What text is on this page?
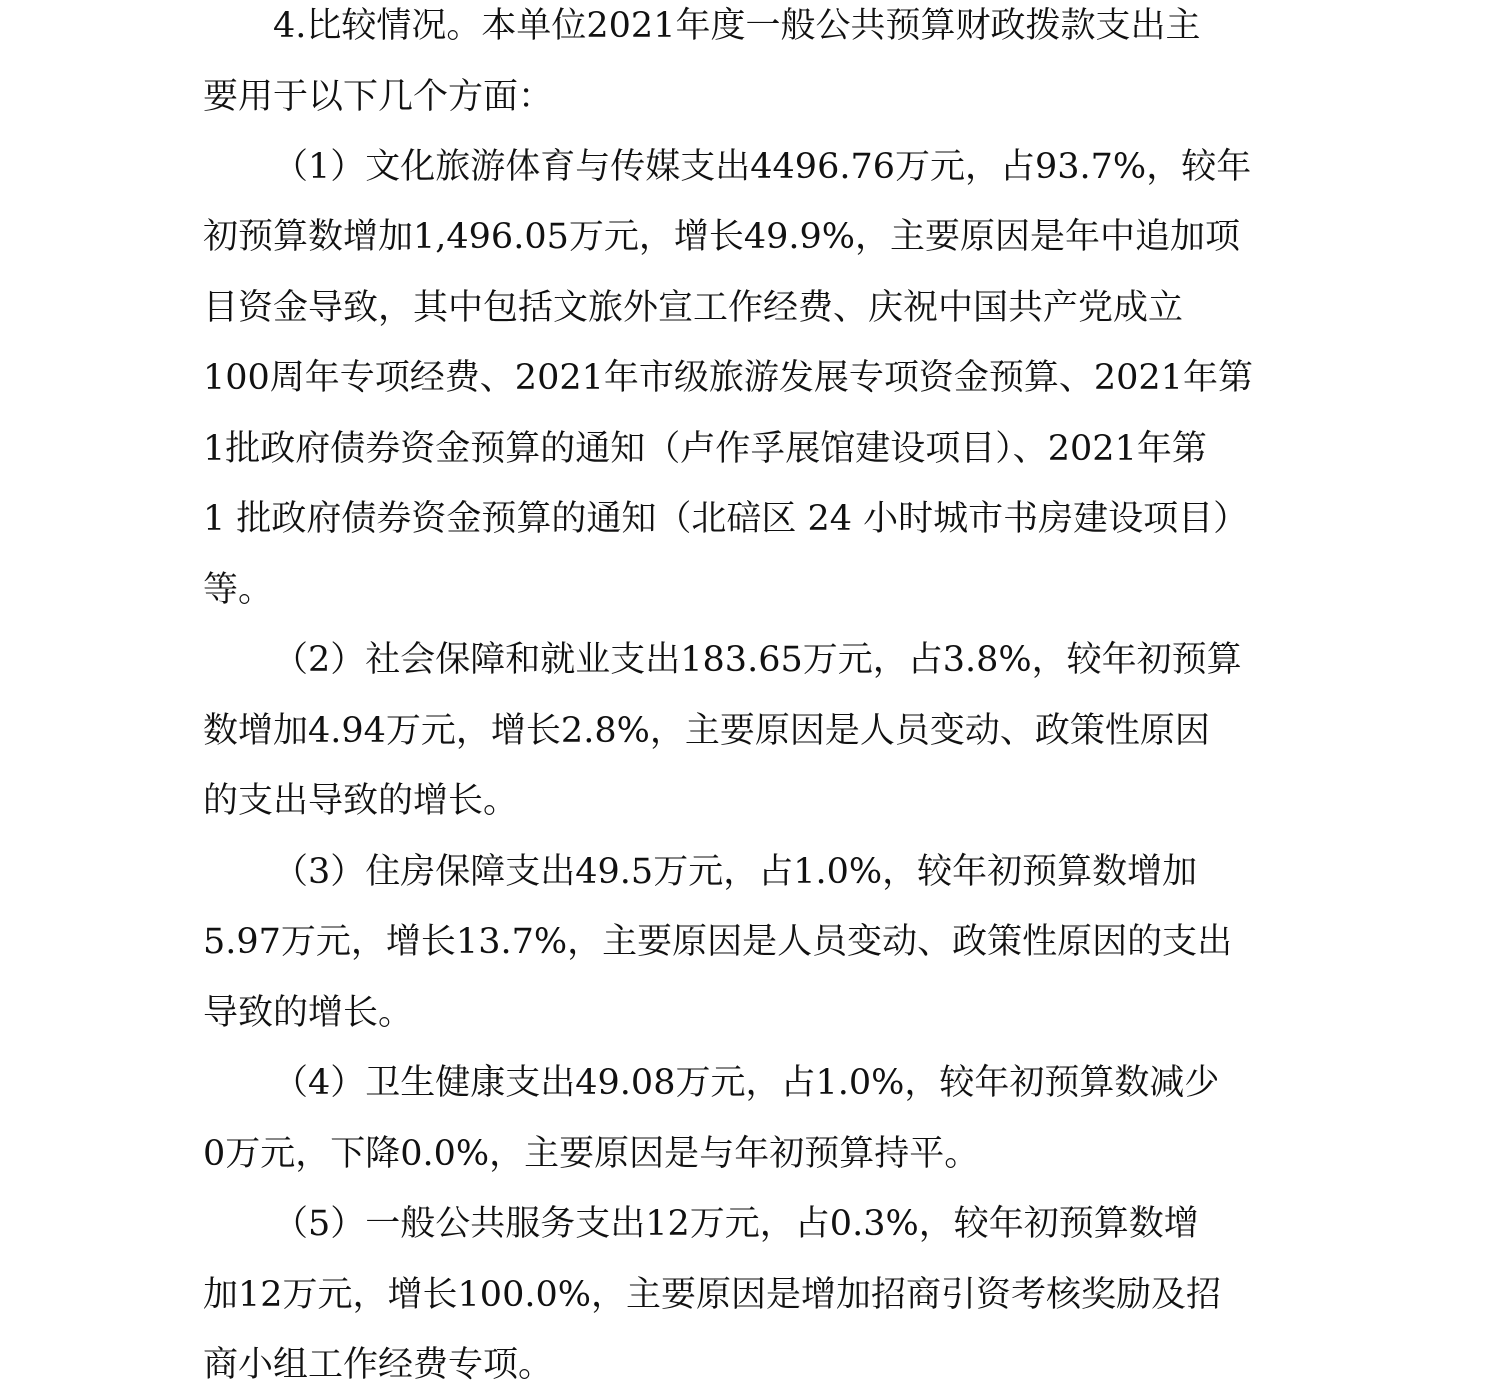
4.比较情况。本单位2021年度一般公共预算财政拨款支出主
要用于以下几个方面：
（1）文化旅游体育与传媒支出4496.76万元，占93.7%，较年
初预算数增加1,496.05万元，增长49.9%，主要原因是年中追加项
目资金导致，其中包括文旅外宣工作经费、庆祝中国共产党成立
100周年专项经费、2021年市级旅游发展专项资金预算、2021年第
1批政府债券资金预算的通知（卢作孚展馆建设项目）、2021年第
1 批政府债券资金预算的通知（北碚区 24 小时城市书房建设项目）
等。
（2）社会保障和就业支出183.65万元，占3.8%，较年初预算
数增加4.94万元，增长2.8%，主要原因是人员变动、政策性原因
的支出导致的增长。
（3）住房保障支出49.5万元，占1.0%，较年初预算数增加
5.97万元，增长13.7%，主要原因是人员变动、政策性原因的支出
导致的增长。
（4）卫生健康支出49.08万元，占1.0%，较年初预算数减少
0万元，下降0.0%，主要原因是与年初预算持平。
（5）一般公共服务支出12万元，占0.3%，较年初预算数增
加12万元，增长100.0%，主要原因是增加招商引资考核奖励及招
商小组工作经费专项。
